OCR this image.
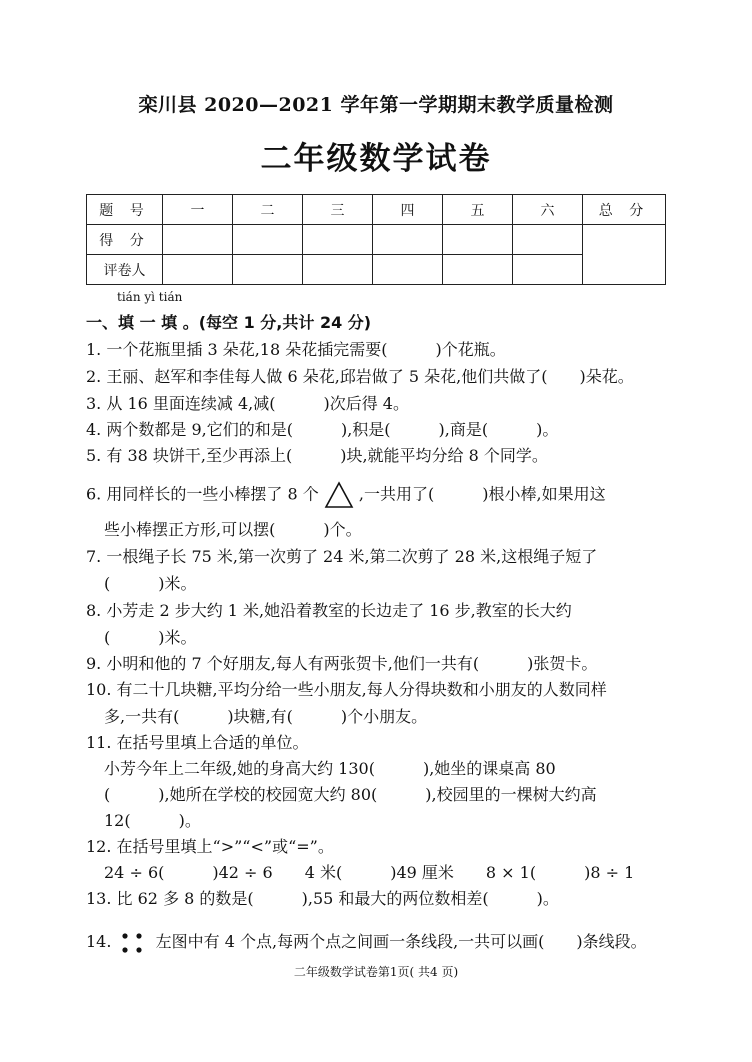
栾川县 2020—2021 学年第一学期期末教学质量检测
二年级数学试卷
题 号	一	二	三	四	五	六	总 分
得 分							
评卷人							
tián yì tián
一、填 一 填 。(每空 1 分,共计 24 分)
1. 一个花瓶里插 3 朵花,18 朵花插完需要(　　　)个花瓶。
2. 王丽、赵军和李佳每人做 6 朵花,邱岩做了 5 朵花,他们共做了(　　)朵花。
3. 从 16 里面连续减 4,减(　　　)次后得 4。
4. 两个数都是 9,它们的和是(　　　),积是(　　　),商是(　　　)。
5. 有 38 块饼干,至少再添上(　　　)块,就能平均分给 8 个同学。
6. 用同样长的一些小棒摆了 8 个	,一共用了(　　　)根小棒,如果用这
些小棒摆正方形,可以摆(　　　)个。
7. 一根绳子长 75 米,第一次剪了 24 米,第二次剪了 28 米,这根绳子短了
(　　　)米。
8. 小芳走 2 步大约 1 米,她沿着教室的长边走了 16 步,教室的长大约
(　　　)米。
9. 小明和他的 7 个好朋友,每人有两张贺卡,他们一共有(　　　)张贺卡。
10. 有二十几块糖,平均分给一些小朋友,每人分得块数和小朋友的人数同样
多,一共有(　　　)块糖,有(　　　)个小朋友。
11. 在括号里填上合适的单位。
小芳今年上二年级,她的身高大约 130(　　　),她坐的课桌高 80
(　　　),她所在学校的校园宽大约 80(　　　),校园里的一棵树大约高
12(　　　)。
12. 在括号里填上“>”“<”或“=”。
24 ÷ 6(　　　)42 ÷ 6　　4 米(　　　)49 厘米　　8 × 1(　　　)8 ÷ 1
13. 比 62 多 8 的数是(　　　),55 和最大的两位数相差(　　　)。
14.	左图中有 4 个点,每两个点之间画一条线段,一共可以画(　　)条线段。
二年级数学试卷第1页( 共4 页)
